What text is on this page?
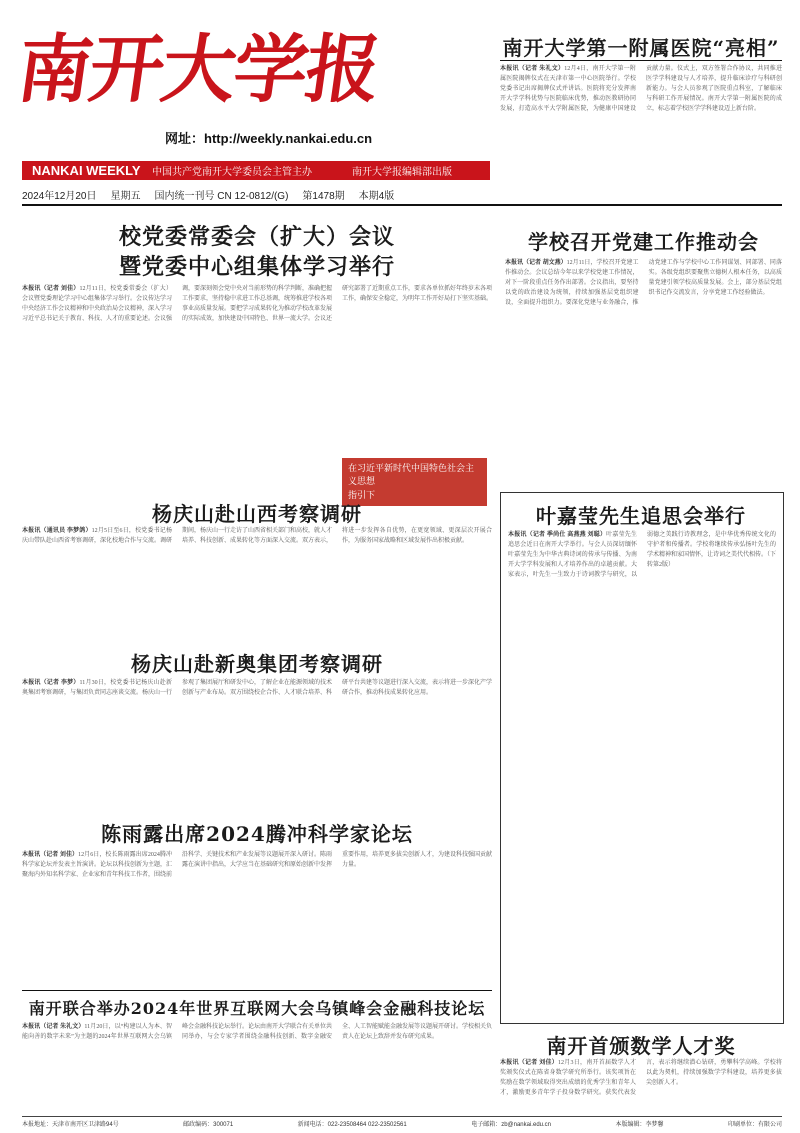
南开大学报
网址：http://weekly.nankai.edu.cn
NANKAI WEEKLY	中国共产党南开大学委员会主管主办	南开大学报编辑部出版
2024年12月20日 星期五 国内统一刊号 CN 12-0812/(G) 第1478期 本期4版
南开大学第一附属医院“亮相”
本报讯（记者 朱礼文）12月4日，南开大学第一附属医院揭牌仪式在天津市第一中心医院举行。学校党委书记出席揭牌仪式并讲话。医院将充分发挥南开大学学科优势与医院临床优势，推动医教研协同发展，打造高水平大学附属医院，为健康中国建设贡献力量。仪式上，双方签署合作协议，共同推进医学学科建设与人才培养，提升临床诊疗与科研创新能力。与会人员参观了医院重点科室，了解临床与科研工作开展情况。南开大学第一附属医院的成立，标志着学校医学学科建设迈上新台阶。
校党委常委会（扩大）会议
暨党委中心组集体学习举行
本报讯（记者 刘佳）12月11日，校党委常委会（扩大）会议暨党委理论学习中心组集体学习举行。会议传达学习中央经济工作会议精神和中央政治局会议精神，深入学习习近平总书记关于教育、科技、人才的重要论述。会议强调，要深刻领会党中央对当前形势的科学判断，准确把握工作要求，坚持稳中求进工作总基调，统筹推进学校各项事业高质量发展。要把学习成果转化为推动学校改革发展的实际成效，加快建设中国特色、世界一流大学。会议还研究部署了近期重点工作，要求各单位抓好年终岁末各项工作，确保安全稳定，为明年工作开好局打下坚实基础。
在习近平新时代中国特色社会主义思想
指引下
新时代新作为新篇章
学校召开党建工作推动会
本报讯（记者 胡文燕）12月11日，学校召开党建工作推动会。会议总结今年以来学校党建工作情况，对下一阶段重点任务作出部署。会议指出，要坚持以党的政治建设为统领，持续加强基层党组织建设，全面提升组织力。要深化党建与业务融合，推动党建工作与学校中心工作同谋划、同部署、同落实。各级党组织要聚焦立德树人根本任务，以高质量党建引领学校高质量发展。会上，部分基层党组织书记作交流发言，分享党建工作经验做法。
杨庆山赴山西考察调研
本报讯（通讯员 李梦鸽）12月5日至6日，校党委书记杨庆山带队赴山西省考察调研，深化校地合作与交流。调研期间，杨庆山一行走访了山西省相关部门和高校，就人才培养、科技创新、成果转化等方面深入交流。双方表示，将进一步发挥各自优势，在更宽领域、更深层次开展合作，为服务国家战略和区域发展作出积极贡献。
杨庆山赴新奥集团考察调研
本报讯（记者 李梦）11月30日，校党委书记杨庆山赴新奥集团考察调研，与集团负责同志座谈交流。杨庆山一行参观了集团展厅和研发中心，了解企业在能源领域的技术创新与产业布局。双方围绕校企合作、人才联合培养、科研平台共建等议题进行深入交流，表示将进一步深化产学研合作，推动科技成果转化应用。
叶嘉莹先生追思会举行
本报讯（记者 季尚仕 高燕燕 刘聪）叶嘉莹先生追思会近日在南开大学举行。与会人员深切缅怀叶嘉莹先生为中华古典诗词的传承与传播、为南开大学学科发展和人才培养作出的卓越贡献。大家表示，叶先生一生致力于诗词教学与研究，以弱德之美践行诗教理念，是中华优秀传统文化的守护者和传播者。学校将继续传承弘扬叶先生的学术精神和家国情怀，让诗词之美代代相传。（下转第2版）
陈雨露出席2024腾冲科学家论坛
本报讯（记者 刘佳）12月6日，校长陈雨露出席2024腾冲科学家论坛并发表主旨演讲。论坛以科技创新为主题，汇聚海内外知名科学家、企业家和青年科技工作者，围绕前沿科学、关键技术和产业发展等议题展开深入研讨。陈雨露在演讲中指出，大学应当在基础研究和原始创新中发挥重要作用，培养更多拔尖创新人才，为建设科技强国贡献力量。
南开联合举办2024年世界互联网大会乌镇峰会金融科技论坛
本报讯（记者 朱礼文）11月20日，以“构建以人为本、智能向善的数字未来”为主题的2024年世界互联网大会乌镇峰会金融科技论坛举行。论坛由南开大学联合有关单位共同举办，与会专家学者围绕金融科技创新、数字金融安全、人工智能赋能金融发展等议题展开研讨。学校相关负责人在论坛上致辞并发布研究成果。	南开首颁数学人才奖
本报讯（记者 刘佳）12月3日，南开首届数学人才奖颁奖仪式在陈省身数学研究所举行。该奖项旨在奖励在数学领域取得突出成绩的优秀学生和青年人才，激励更多青年学子投身数学研究。获奖代表发言，表示将继续潜心钻研，勇攀科学高峰。学校将以此为契机，持续加强数学学科建设，培养更多拔尖创新人才。
本报地址：天津市南开区卫津路94号	邮政编码：300071	新闻电话：022-23508464 022-23502561	电子邮箱：zb@nankai.edu.cn	本版编辑：李梦馨	印刷单位：有限公司
